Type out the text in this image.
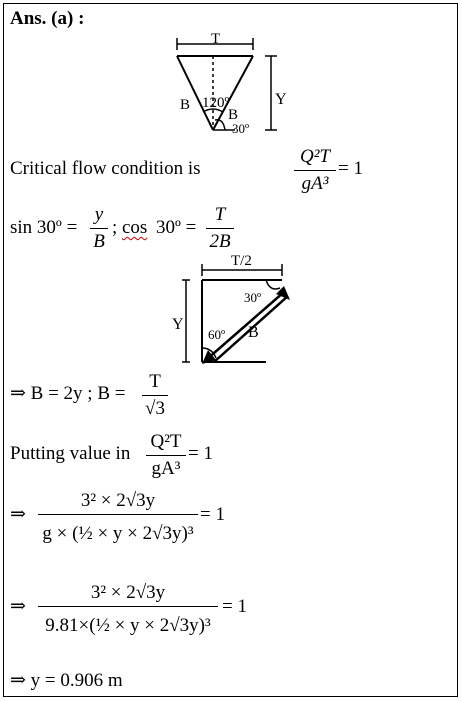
Ans. (a) :
T
120º
B
B
30º
Y
Critical flow condition is
Q²T
gA³
= 1
sin 30º =
y
B
; cos 30º =
T
2B
T/2
30º
60º B
Y
⇒ B = 2y ; B =
T
√3
Putting value in
Q²T
gA³
= 1
⇒
3² × 2√3y
g × (½ × y × 2√3y)³
= 1
⇒
3² × 2√3y
9.81×(½ × y × 2√3y)³
= 1
⇒ y = 0.906 m
